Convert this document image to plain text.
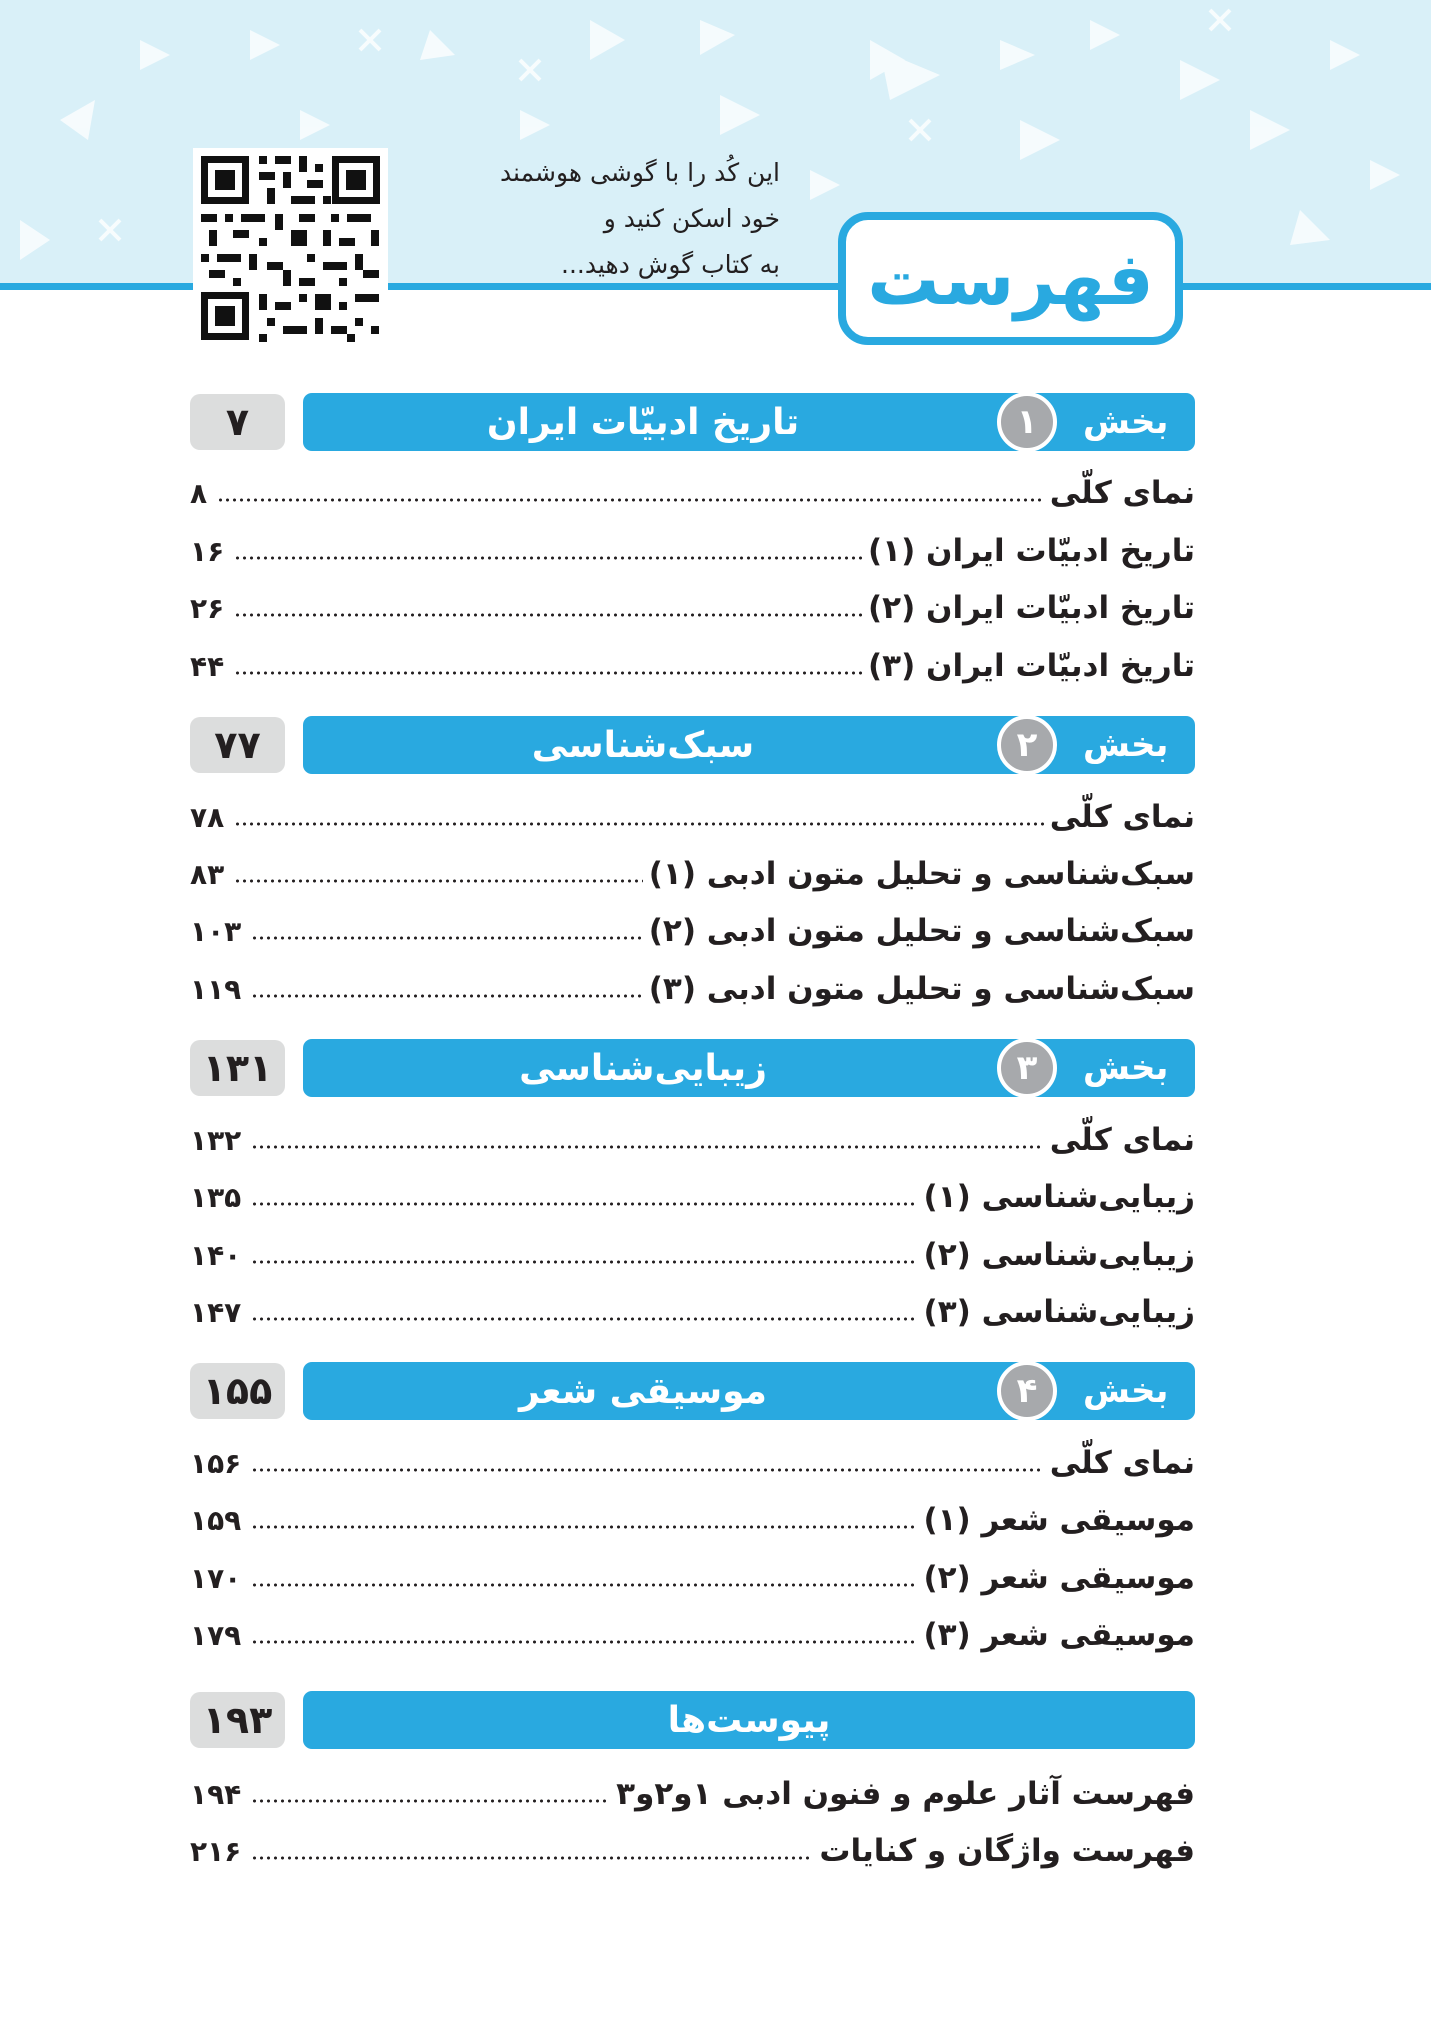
این کُد را با گوشی هوشمند
خود اسکن کنید و
به کتاب گوش دهید... فهرست
۷	تاریخ ادبیّات ایران	۱	بخش
۸	نمای کلّی
۱۶	تاریخ ادبیّات ایران (۱)
۲۶	تاریخ ادبیّات ایران (۲)
۴۴	تاریخ ادبیّات ایران (۳)
۷۷	سبک‌شناسی	۲	بخش
۷۸	نمای کلّی
۸۳	سبک‌شناسی و تحلیل متون ادبی (۱)
۱۰۳	سبک‌شناسی و تحلیل متون ادبی (۲)
۱۱۹	سبک‌شناسی و تحلیل متون ادبی (۳)
۱۳۱	زیبایی‌شناسی	۳	بخش
۱۳۲	نمای کلّی
۱۳۵	زیبایی‌شناسی (۱)
۱۴۰	زیبایی‌شناسی (۲)
۱۴۷	زیبایی‌شناسی (۳)
۱۵۵	موسیقی شعر	۴	بخش
۱۵۶	نمای کلّی
۱۵۹	موسیقی شعر (۱)
۱۷۰	موسیقی شعر (۲)
۱۷۹	موسیقی شعر (۳)
۱۹۳	پیوست‌ها
۱۹۴	فهرست آثار علوم و فنون ادبی ۱و۲و۳
۲۱۶	فهرست واژگان و کنایات
